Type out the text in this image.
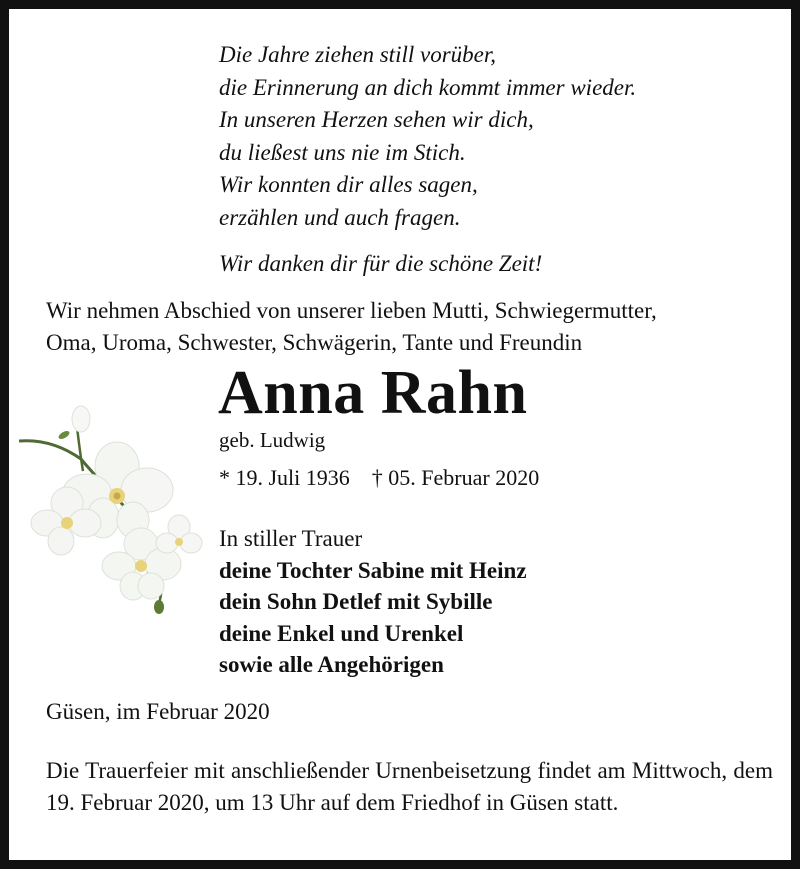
Die Jahre ziehen still vorüber,
die Erinnerung an dich kommt immer wieder.
In unseren Herzen sehen wir dich,
du ließest uns nie im Stich.
Wir konnten dir alles sagen,
erzählen und auch fragen.
Wir danken dir für die schöne Zeit!
Wir nehmen Abschied von unserer lieben Mutti, Schwiegermutter,
Oma, Uroma, Schwester, Schwägerin, Tante und Freundin
Anna Rahn
geb. Ludwig
* 19. Juli 1936 † 05. Februar 2020
In stiller Trauer
deine Tochter Sabine mit Heinz
dein Sohn Detlef mit Sybille
deine Enkel und Urenkel
sowie alle Angehörigen
Güsen, im Februar 2020
Die Trauerfeier mit anschließender Urnenbeisetzung findet am Mittwoch, dem 19. Februar 2020, um 13 Uhr auf dem Friedhof in Güsen statt.
